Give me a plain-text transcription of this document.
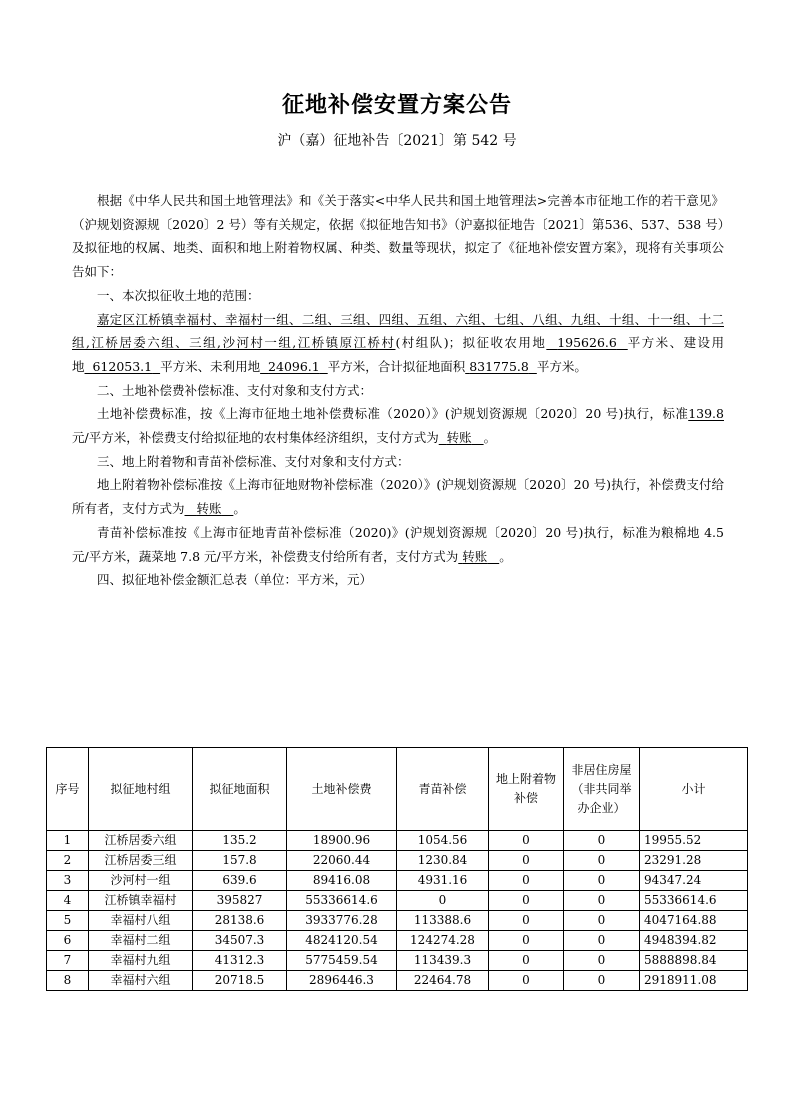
征地补偿安置方案公告
沪（嘉）征地补告〔2021〕第 542 号

根据《中华人民共和国土地管理法》和《关于落实<中华人民共和国土地管理法>完善本市征地工作的若干意见》（沪规划资源规〔2020〕2 号）等有关规定，依据《拟征地告知书》（沪嘉拟征地告〔2021〕第536、537、538 号）及拟征地的权属、地类、面积和地上附着物权属、种类、数量等现状，拟定了《征地补偿安置方案》，现将有关事项公告如下：

一、本次拟征收土地的范围：

嘉定区江桥镇幸福村、幸福村一组、二组、三组、四组、五组、六组、七组、八组、九组、十组、十一组、十二组,江桥居委六组、三组,沙河村一组,江桥镇原江桥村(村组队)；拟征收农用地 195626.6 平方米、建设用地 612053.1 平方米、未利用地 24096.1 平方米，合计拟征地面积 831775.8 平方米。

二、土地补偿费补偿标准、支付对象和支付方式：

土地补偿费标准，按《上海市征地土地补偿费标准（2020）》(沪规划资源规〔2020〕20 号)执行，标准139.8元/平方米，补偿费支付给拟征地的农村集体经济组织，支付方式为 转账 。

三、地上附着物和青苗补偿标准、支付对象和支付方式：

地上附着物补偿标准按《上海市征地财物补偿标准（2020）》(沪规划资源规〔2020〕20 号)执行，补偿费支付给所有者，支付方式为 转账 。

青苗补偿标准按《上海市征地青苗补偿标准（2020)》(沪规划资源规〔2020〕20 号)执行，标准为粮棉地 4.5 元/平方米，蔬菜地 7.8 元/平方米，补偿费支付给所有者，支付方式为 转账 。

四、拟征地补偿金额汇总表（单位：平方米，元）

序号	拟征地村组	拟征地面积	土地补偿费	青苗补偿	地上附着物补偿	非居住房屋（非共同举办企业）	小计
1	江桥居委六组	135.2	18900.96	1054.56	0	0	19955.52
2	江桥居委三组	157.8	22060.44	1230.84	0	0	23291.28
3	沙河村一组	639.6	89416.08	4931.16	0	0	94347.24
4	江桥镇幸福村	395827	55336614.6	0	0	0	55336614.6
5	幸福村八组	28138.6	3933776.28	113388.6	0	0	4047164.88
6	幸福村二组	34507.3	4824120.54	124274.28	0	0	4948394.82
7	幸福村九组	41312.3	5775459.54	113439.3	0	0	5888898.84
8	幸福村六组	20718.5	2896446.3	22464.78	0	0	2918911.08
